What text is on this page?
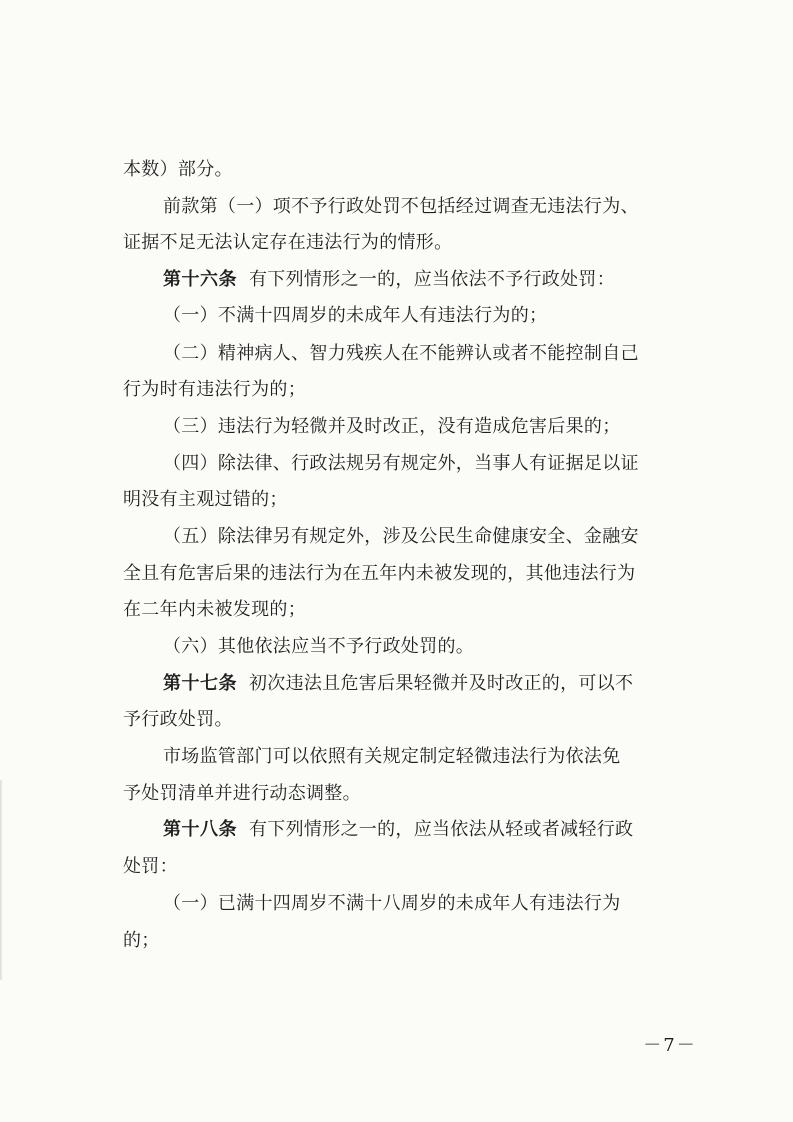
本数）部分。
前款第（一）项不予行政处罚不包括经过调查无违法行为、
证据不足无法认定存在违法行为的情形。
第十六条 有下列情形之一的，应当依法不予行政处罚：
（一）不满十四周岁的未成年人有违法行为的；
（二）精神病人、智力残疾人在不能辨认或者不能控制自己
行为时有违法行为的；
（三）违法行为轻微并及时改正，没有造成危害后果的；
（四）除法律、行政法规另有规定外，当事人有证据足以证
明没有主观过错的；
（五）除法律另有规定外，涉及公民生命健康安全、金融安
全且有危害后果的违法行为在五年内未被发现的，其他违法行为
在二年内未被发现的；
（六）其他依法应当不予行政处罚的。
第十七条 初次违法且危害后果轻微并及时改正的，可以不
予行政处罚。
市场监管部门可以依照有关规定制定轻微违法行为依法免
予处罚清单并进行动态调整。
第十八条 有下列情形之一的，应当依法从轻或者减轻行政
处罚：
（一）已满十四周岁不满十八周岁的未成年人有违法行为
的；
－7－
